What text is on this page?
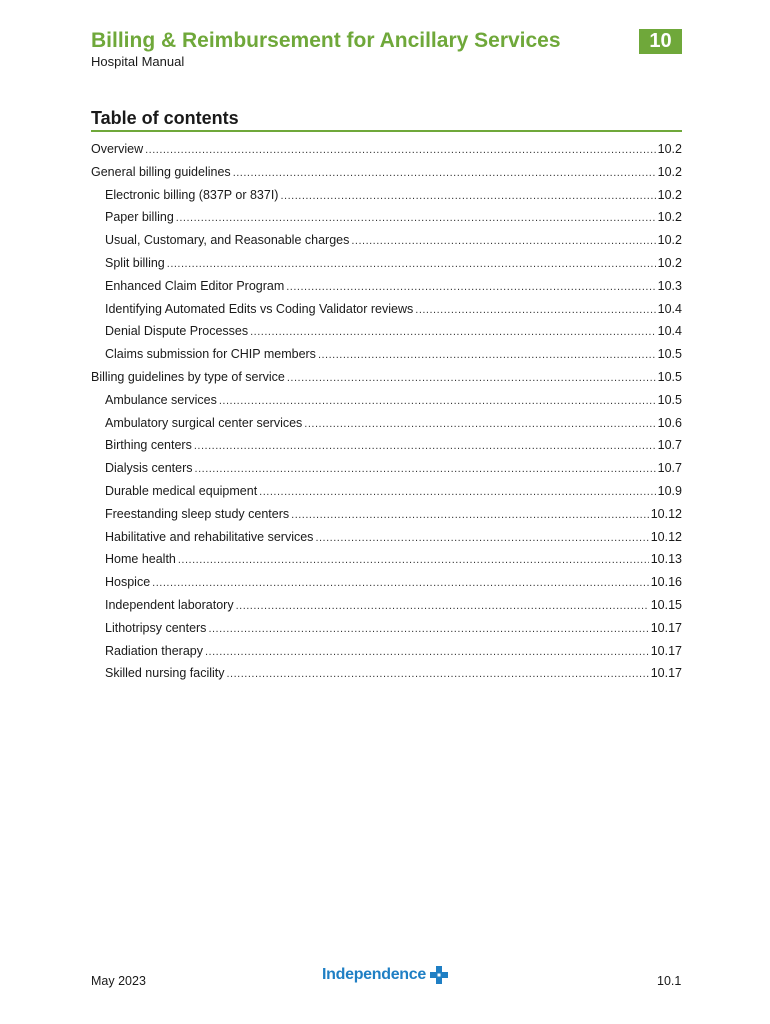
Billing & Reimbursement for Ancillary Services	10
Hospital Manual
Table of contents
Overview .....	10.2
General billing guidelines .....	10.2
Electronic billing (837P or 837I) .....	10.2
Paper billing .....	10.2
Usual, Customary, and Reasonable charges .....	10.2
Split billing .....	10.2
Enhanced Claim Editor Program .....	10.3
Identifying Automated Edits vs Coding Validator reviews .....	10.4
Denial Dispute Processes .....	10.4
Claims submission for CHIP members .....	10.5
Billing guidelines by type of service .....	10.5
Ambulance services .....	10.5
Ambulatory surgical center services .....	10.6
Birthing centers .....	10.7
Dialysis centers .....	10.7
Durable medical equipment .....	10.9
Freestanding sleep study centers .....	10.12
Habilitative and rehabilitative services .....	10.12
Home health .....	10.13
Hospice .....	10.16
Independent laboratory .....	10.15
Lithotripsy centers .....	10.17
Radiation therapy .....	10.17
Skilled nursing facility .....	10.17
May 2023	Independence	10.1
